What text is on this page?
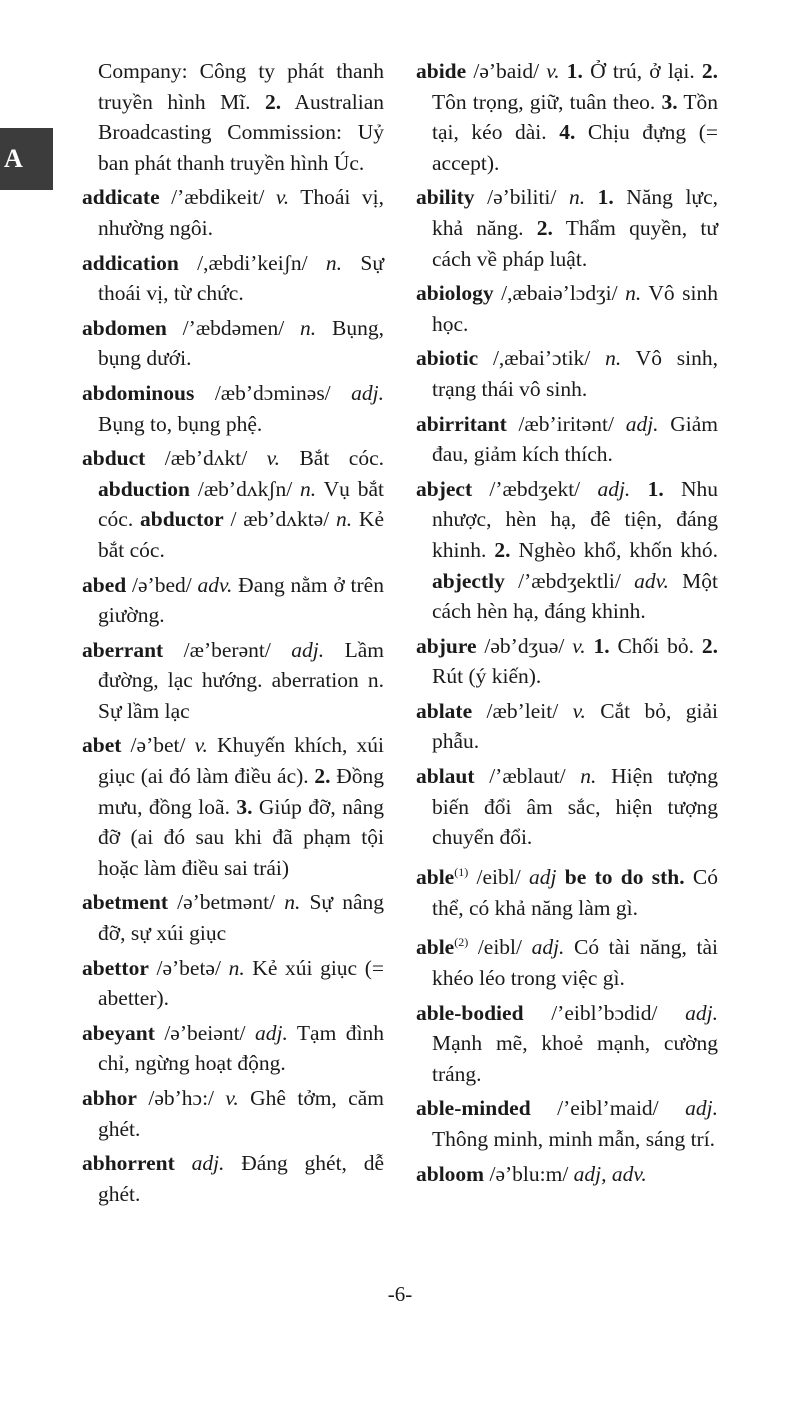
A

Company: Công ty phát thanh truyền hình Mĩ. 2. Australian Broadcasting Commission: Uỷ ban phát thanh truyền hình Úc.

addicate /’æbdikeit/ v. Thoái vị, nhường ngôi.

addication /,æbdi’keiʃn/ n. Sự thoái vị, từ chức.

abdomen /’æbdəmen/ n. Bụng, bụng dưới.

abdominous /æb’dɔminəs/ adj. Bụng to, bụng phệ.

abduct /æb’dʌkt/ v. Bắt cóc. abduction /æb’dʌkʃn/ n. Vụ bắt cóc. abductor / æb’dʌktə/ n. Kẻ bắt cóc.

abed /ə’bed/ adv. Đang nằm ở trên giường.

aberrant /æ’berənt/ adj. Lầm đường, lạc hướng. aberration n. Sự lầm lạc

abet /ə’bet/ v. Khuyến khích, xúi giục (ai đó làm điều ác). 2. Đồng mưu, đồng loã. 3. Giúp đỡ, nâng đỡ (ai đó sau khi đã phạm tội hoặc làm điều sai trái)

abetment /ə’betmənt/ n. Sự nâng đỡ, sự xúi giục

abettor /ə’betə/ n. Kẻ xúi giục (= abetter).

abeyant /ə’beiənt/ adj. Tạm đình chỉ, ngừng hoạt động.

abhor /əb’hɔ:/ v. Ghê tởm, căm ghét.

abhorrent adj. Đáng ghét, dễ ghét.

abide /ə’baid/ v. 1. Ở trú, ở lại. 2. Tôn trọng, giữ, tuân theo. 3. Tồn tại, kéo dài. 4. Chịu đựng (= accept).

ability /ə’biliti/ n. 1. Năng lực, khả năng. 2. Thẩm quyền, tư cách về pháp luật.

abiology /,æbaiə’lɔdʒi/ n. Vô sinh học.

abiotic /,æbai’ɔtik/ n. Vô sinh, trạng thái vô sinh.

abirritant /æb’iritənt/ adj. Giảm đau, giảm kích thích.

abject /’æbdʒekt/ adj. 1. Nhu nhược, hèn hạ, đê tiện, đáng khinh. 2. Nghèo khổ, khốn khó. abjectly /’æbdʒektli/ adv. Một cách hèn hạ, đáng khinh.

abjure /əb’dʒuə/ v. 1. Chối bỏ. 2. Rút (ý kiến).

ablate /æb’leit/ v. Cắt bỏ, giải phẫu.

ablaut /’æblaut/ n. Hiện tượng biến đổi âm sắc, hiện tượng chuyển đổi.

able$^{(1)}$ /eibl/ adj be to do sth. Có thể, có khả năng làm gì.

able$^{(2)}$ /eibl/ adj. Có tài năng, tài khéo léo trong việc gì.

able-bodied /’eibl’bɔdid/ adj. Mạnh mẽ, khoẻ mạnh, cường tráng.

able-minded /’eibl’maid/ adj. Thông minh, minh mẫn, sáng trí.

abloom /ə’blu:m/ adj, adv.

-6-
